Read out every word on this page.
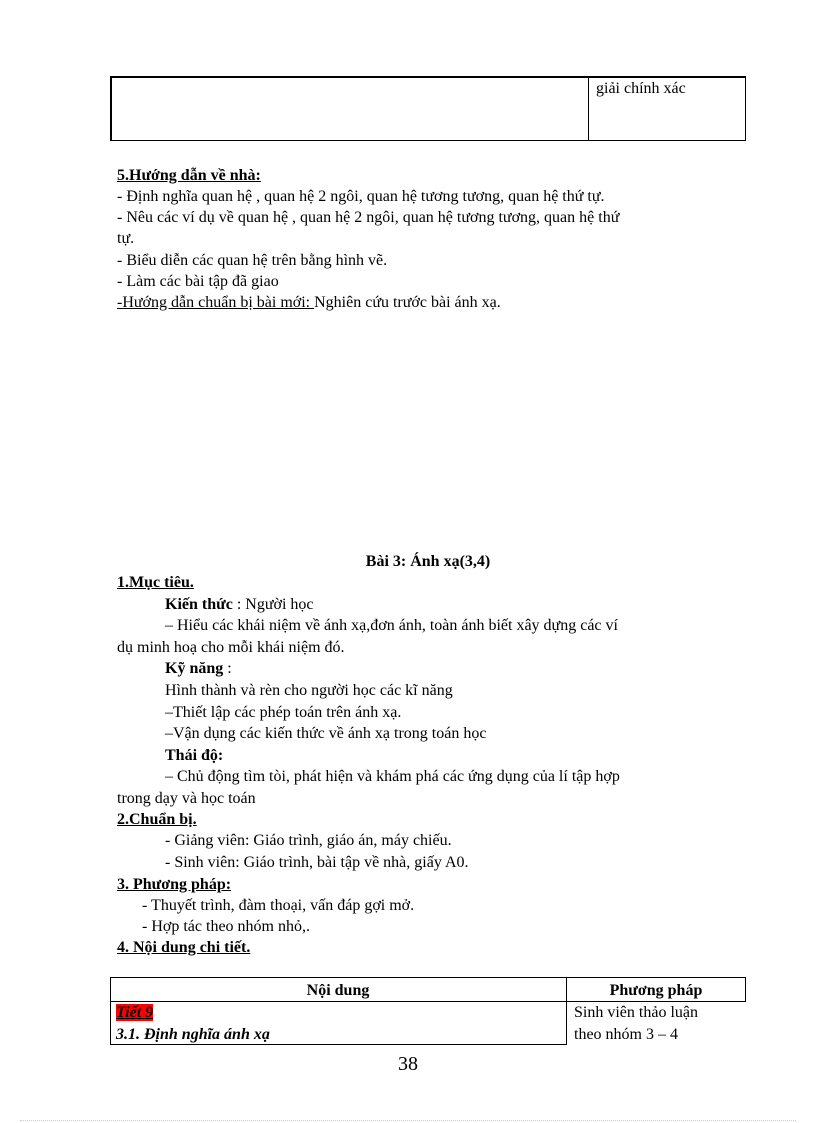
giải chính xác
5.Hướng dẫn về nhà:
- Định nghĩa quan hệ , quan hệ 2 ngôi, quan hệ tương tương, quan hệ thứ tự.
- Nêu các ví dụ về quan hệ , quan hệ 2 ngôi, quan hệ tương tương, quan hệ thứ
tự.
- Biểu diễn các quan hệ trên bằng hình vẽ.
- Làm các bài tập đã giao
-Hướng dẫn chuẩn bị bài mới: Nghiên cứu trước bài ánh xạ.
Bài 3: Ánh xạ(3,4)
1.Mục tiêu.
Kiến thức : Người học
– Hiểu các khái niệm về ánh xạ,đơn ánh, toàn ánh biết xây dựng các ví
dụ minh hoạ cho mỗi khái niệm đó.
Kỹ năng :
Hình thành và rèn cho người học các kĩ năng
–Thiết lập các phép toán trên ánh xạ.
–Vận dụng các kiến thức về ánh xạ trong toán học
Thái độ:
– Chủ động tìm tòi, phát hiện và khám phá các ứng dụng của lí tập hợp
trong dạy và học toán
2.Chuẩn bị.
- Giảng viên: Giáo trình, giáo án, máy chiếu.
- Sinh viên: Giáo trình, bài tập về nhà, giấy A0.
3. Phương pháp:
- Thuyết trình, đàm thoại, vấn đáp gợi mở.
- Hợp tác theo nhóm nhỏ,.
4. Nội dung chi tiết.
Nội dung	Phương pháp
Tiết 9
3.1. Định nghĩa ánh xạ
Sinh viên thảo luận
theo nhóm 3 – 4
38
